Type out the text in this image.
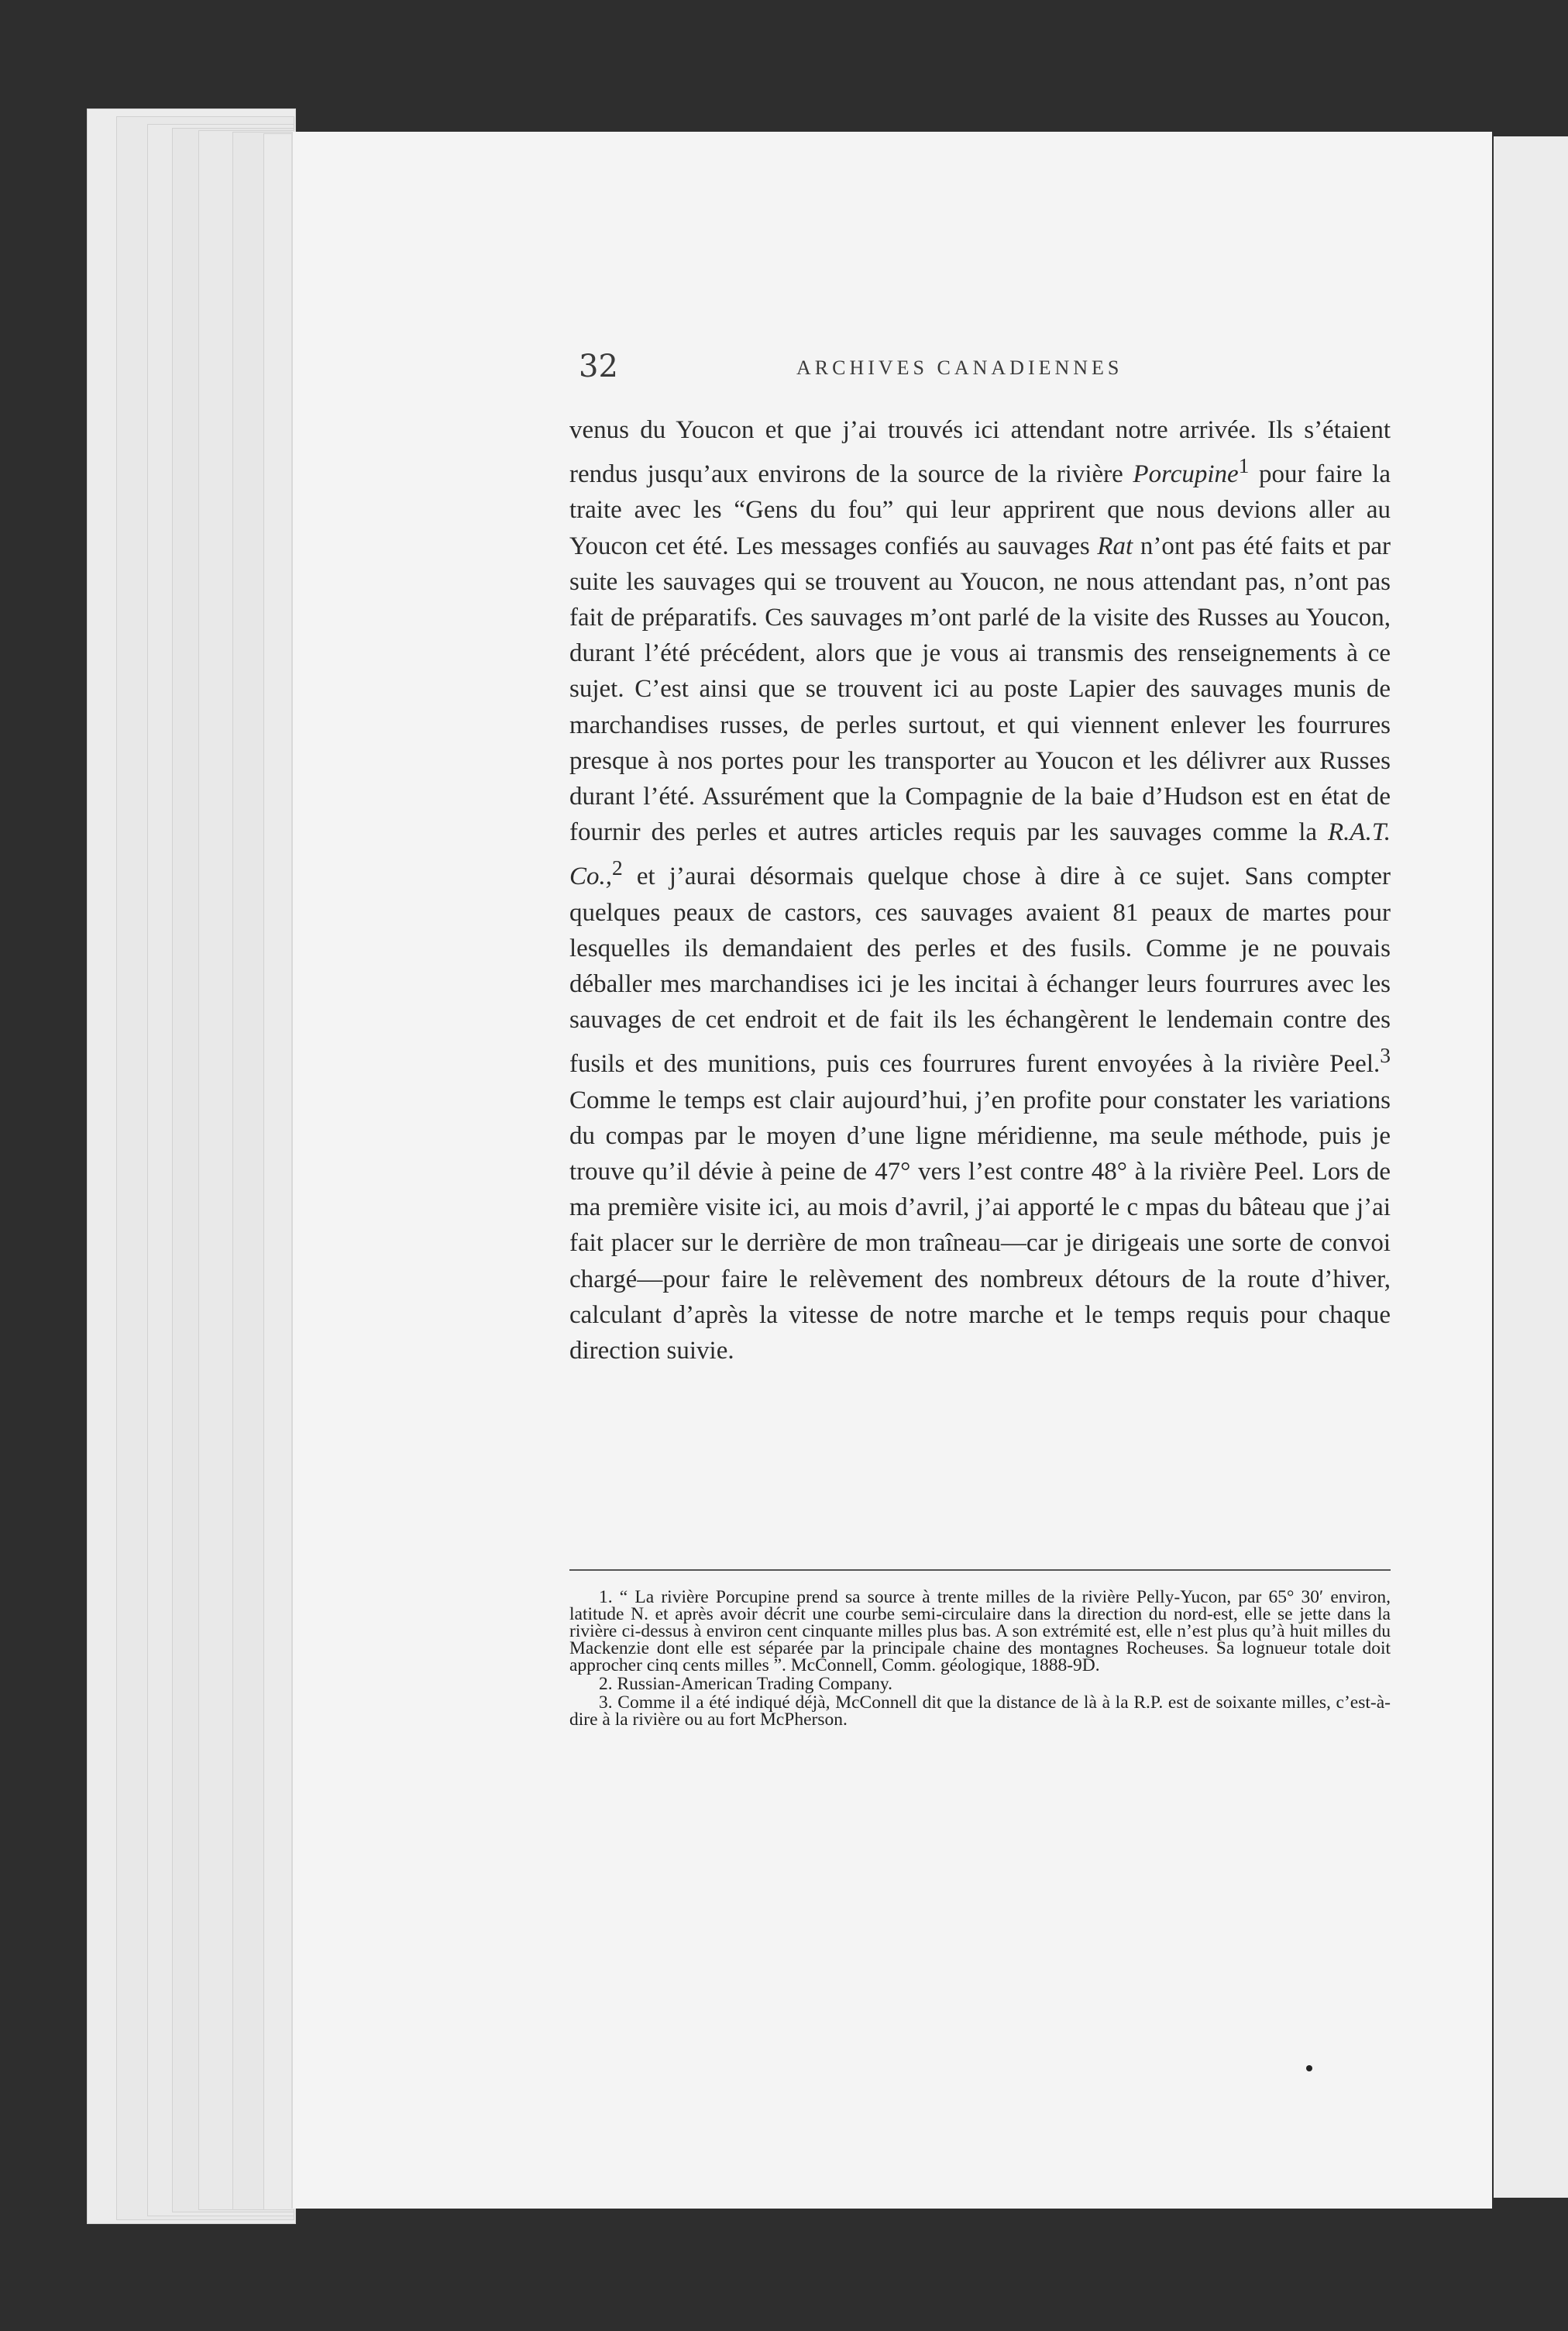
32	ARCHIVES CANADIENNES

venus du Youcon et que j’ai trouvés ici attendant notre arrivée. Ils s’étaient rendus jusqu’aux environs de la source de la rivière Porcupine$^1$ pour faire la traite avec les “Gens du fou” qui leur apprirent que nous devions aller au Youcon cet été. Les messages confiés au sauvages Rat n’ont pas été faits et par suite les sauvages qui se trouvent au Youcon, ne nous attendant pas, n’ont pas fait de préparatifs. Ces sauvages m’ont parlé de la visite des Russes au Youcon, durant l’été précédent, alors que je vous ai transmis des renseignements à ce sujet. C’est ainsi que se trouvent ici au poste Lapier des sauvages munis de marchandises russes, de perles surtout, et qui viennent enlever les fourrures presque à nos portes pour les transporter au Youcon et les délivrer aux Russes durant l’été. Assurément que la Compagnie de la baie d’Hudson est en état de fournir des perles et autres articles requis par les sauvages comme la R.A.T. Co.,$^2$ et j’aurai désormais quelque chose à dire à ce sujet. Sans compter quelques peaux de castors, ces sauvages avaient 81 peaux de martes pour lesquelles ils demandaient des perles et des fusils. Comme je ne pouvais déballer mes marchandises ici je les incitai à échanger leurs fourrures avec les sauvages de cet endroit et de fait ils les échangèrent le lendemain contre des fusils et des munitions, puis ces fourrures furent envoyées à la rivière Peel.$^3$ Comme le temps est clair aujourd’hui, j’en profite pour constater les variations du compas par le moyen d’une ligne méridienne, ma seule méthode, puis je trouve qu’il dévie à peine de 47° vers l’est contre 48° à la rivière Peel. Lors de ma première visite ici, au mois d’avril, j’ai apporté le c mpas du bâteau que j’ai fait placer sur le derrière de mon traîneau—car je dirigeais une sorte de convoi chargé—pour faire le relèvement des nombreux détours de la route d’hiver, calculant d’après la vitesse de notre marche et le temps requis pour chaque direction suivie.

1. “ La rivière Porcupine prend sa source à trente milles de la rivière Pelly-Yucon, par 65° 30′ environ, latitude N. et après avoir décrit une courbe semi-circulaire dans la direction du nord-est, elle se jette dans la rivière ci-dessus à environ cent cinquante milles plus bas. A son extrémité est, elle n’est plus qu’à huit milles du Mackenzie dont elle est séparée par la principale chaine des montagnes Rocheuses. Sa lognueur totale doit approcher cinq cents milles ”. McConnell, Comm. géologique, 1888-9D.

2. Russian-American Trading Company.

3. Comme il a été indiqué déjà, McConnell dit que la distance de là à la R.P. est de soixante milles, c’est-à-dire à la rivière ou au fort McPherson.
